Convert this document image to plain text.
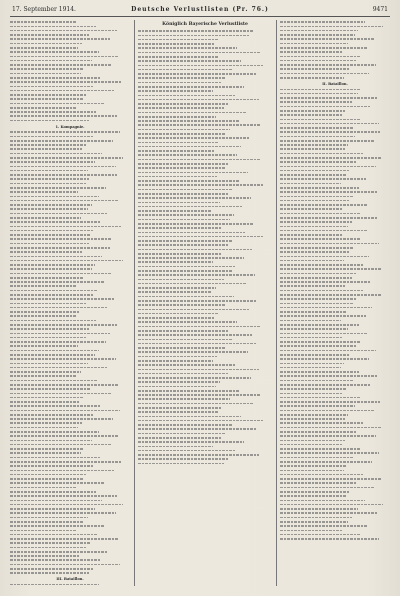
17. September 1914.	Deutsche Verlustlisten (Pr. 76.)	9471
1. Kompagnie.
III. Bataillon.
Königlich Bayerische Verlustliste
II. Bataillon.
